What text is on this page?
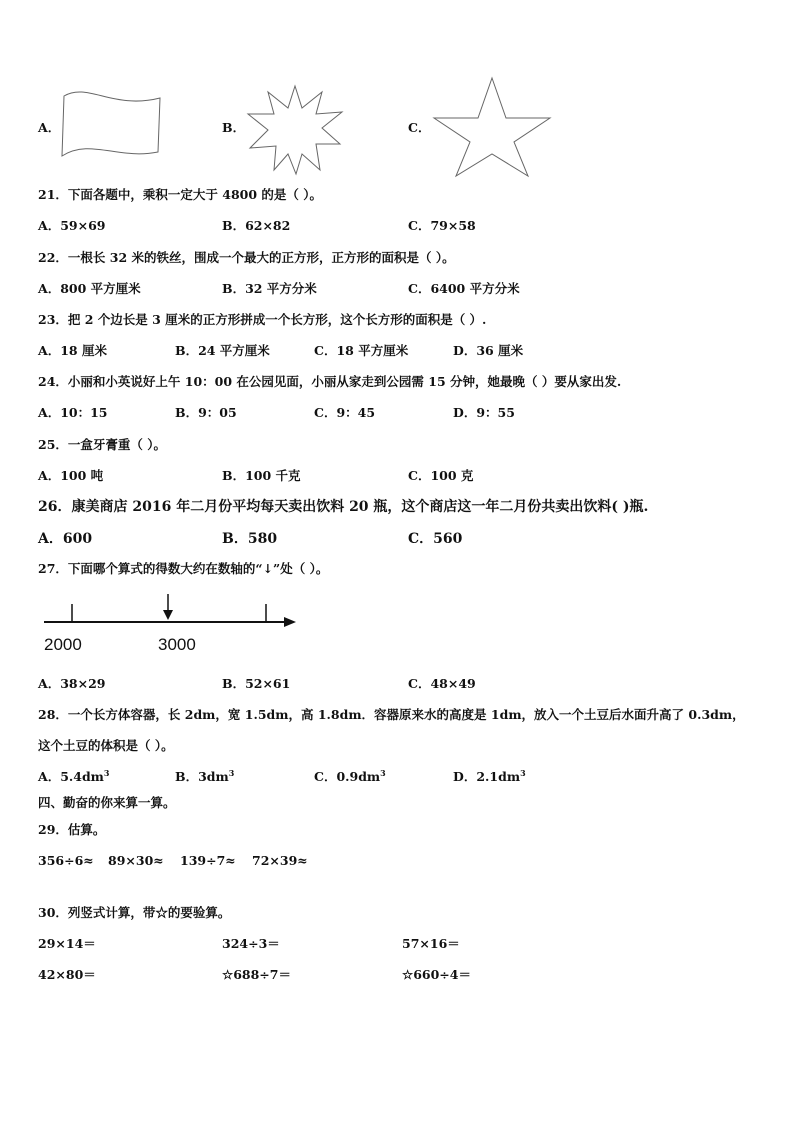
A．	B．	C．
21．下面各题中，乘积一定大于 4800 的是（ ）。
A．59×69	B．62×82	C．79×58
22．一根长 32 米的铁丝，围成一个最大的正方形，正方形的面积是（ ）。
A．800 平方厘米	B．32 平方分米	C．6400 平方分米
23．把 2 个边长是 3 厘米的正方形拼成一个长方形，这个长方形的面积是（ ）.
A．18 厘米	B．24 平方厘米	C．18 平方厘米	D．36 厘米
24．小丽和小英说好上午 10：00 在公园见面，小丽从家走到公园需 15 分钟，她最晚（ ）要从家出发.
A．10：15	B．9：05	C．9：45	D．9：55
25．一盒牙膏重（ ）。
A．100 吨	B．100 千克	C．100 克
26．康美商店 2016 年二月份平均每天卖出饮料 20 瓶，这个商店这一年二月份共卖出饮料( )瓶.
A．600	B．580	C．560
27．下面哪个算式的得数大约在数轴的“↓”处（ ）。
2000	3000
A．38×29	B．52×61	C．48×49
28．一个长方体容器，长 2dm，宽 1.5dm，高 1.8dm．容器原来水的高度是 1dm，放入一个土豆后水面升高了 0.3dm，
这个土豆的体积是（ ）。
A．$5.4dm^3$	B．$3dm^3$	C．$0.9dm^3$	D．$2.1dm^3$
四、勤奋的你来算一算。
29．估算。
356÷6≈ 89×30≈ 139÷7≈ 72×39≈
30．列竖式计算，带☆的要验算。
29×14＝	324÷3＝	57×16＝
42×80＝	☆688÷7＝	☆660÷4＝
